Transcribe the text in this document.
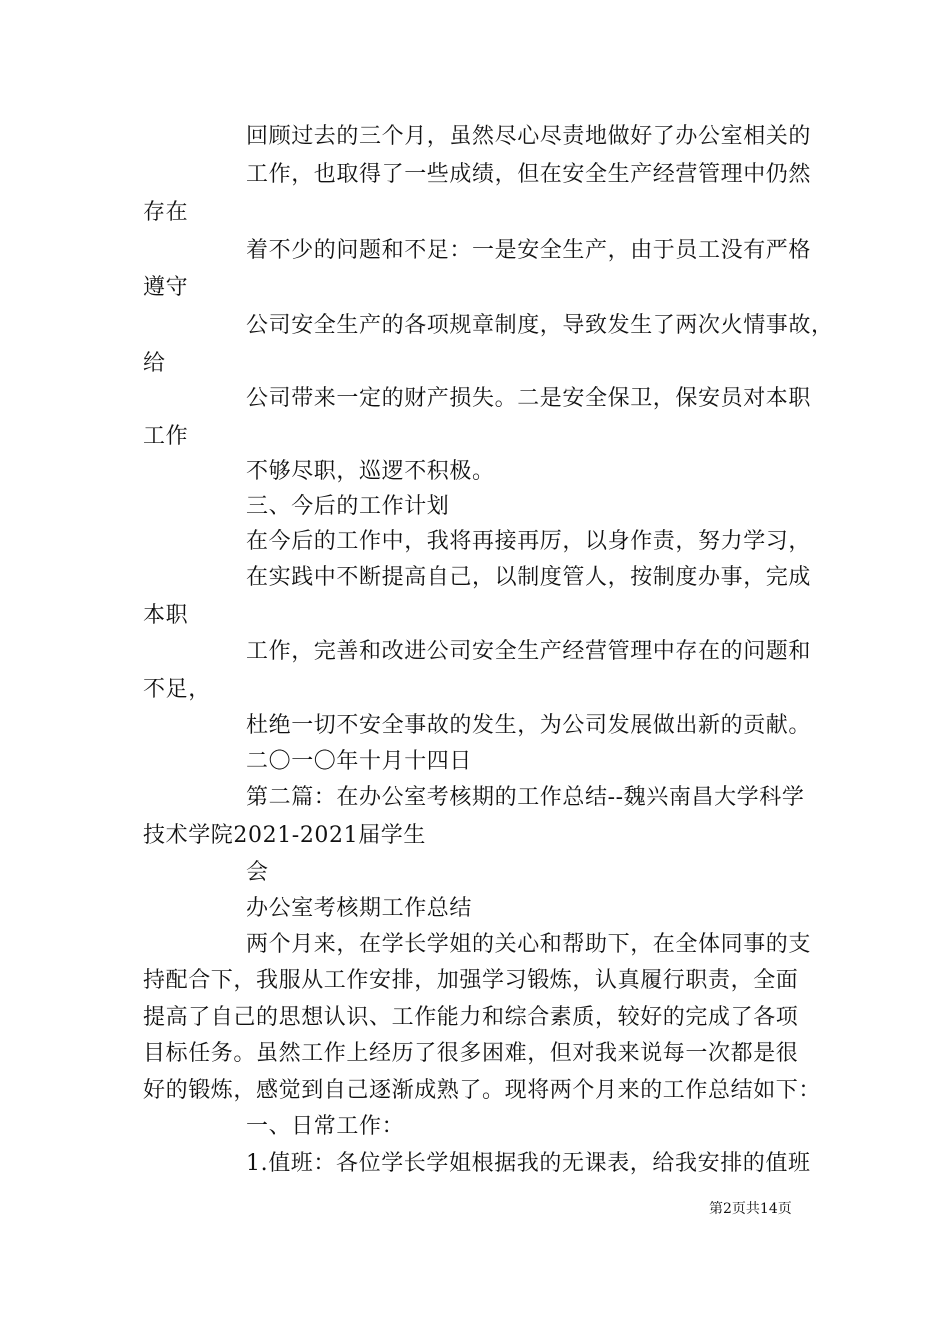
回顾过去的三个月，虽然尽心尽责地做好了办公室相关的
工作，也取得了一些成绩，但在安全生产经营管理中仍然
存在
着不少的问题和不足：一是安全生产，由于员工没有严格
遵守
公司安全生产的各项规章制度，导致发生了两次火情事故，
给
公司带来一定的财产损失。二是安全保卫，保安员对本职
工作
不够尽职，巡逻不积极。
三、今后的工作计划
在今后的工作中，我将再接再厉，以身作责，努力学习，
在实践中不断提高自己，以制度管人，按制度办事，完成
本职
工作，完善和改进公司安全生产经营管理中存在的问题和
不足，
杜绝一切不安全事故的发生，为公司发展做出新的贡献。
二〇一〇年十月十四日
第二篇：在办公室考核期的工作总结--魏兴南昌大学科学
技术学院2021-2021届学生
会
办公室考核期工作总结
两个月来，在学长学姐的关心和帮助下，在全体同事的支
持配合下，我服从工作安排，加强学习锻炼，认真履行职责，全面
提高了自己的思想认识、工作能力和综合素质，较好的完成了各项
目标任务。虽然工作上经历了很多困难，但对我来说每一次都是很
好的锻炼，感觉到自己逐渐成熟了。现将两个月来的工作总结如下：
一、日常工作：
1.值班：各位学长学姐根据我的无课表，给我安排的值班
第2页共14页
